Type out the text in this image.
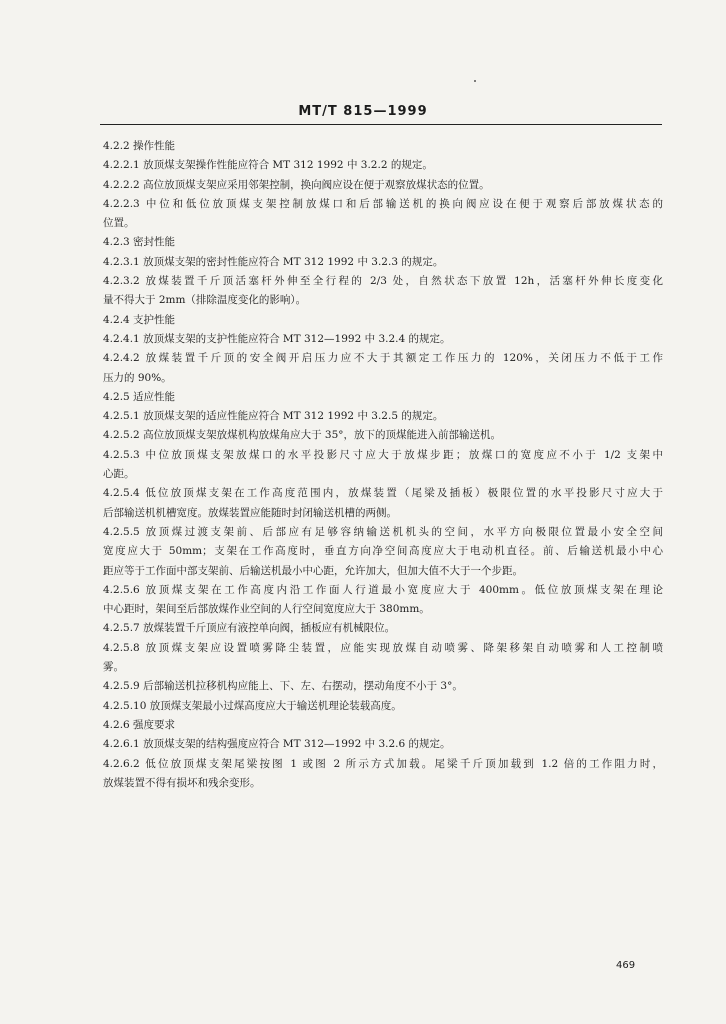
MT/T 815—1999
4.2.2 操作性能
4.2.2.1 放顶煤支架操作性能应符合 MT 312 1992 中 3.2.2 的规定。
4.2.2.2 高位放顶煤支架应采用邻架控制，换向阀应设在便于观察放煤状态的位置。
4.2.2.3 中位和低位放顶煤支架控制放煤口和后部输送机的换向阀应设在便于观察后部放煤状态的
位置。
4.2.3 密封性能
4.2.3.1 放顶煤支架的密封性能应符合 MT 312 1992 中 3.2.3 的规定。
4.2.3.2 放煤装置千斤顶活塞杆外伸至全行程的 2/3 处，自然状态下放置 12h，活塞杆外伸长度变化
量不得大于 2mm（排除温度变化的影响）。
4.2.4 支护性能
4.2.4.1 放顶煤支架的支护性能应符合 MT 312—1992 中 3.2.4 的规定。
4.2.4.2 放煤装置千斤顶的安全阀开启压力应不大于其额定工作压力的 120%，关闭压力不低于工作
压力的 90%。
4.2.5 适应性能
4.2.5.1 放顶煤支架的适应性能应符合 MT 312 1992 中 3.2.5 的规定。
4.2.5.2 高位放顶煤支架放煤机构放煤角应大于 35°，放下的顶煤能进入前部输送机。
4.2.5.3 中位放顶煤支架放煤口的水平投影尺寸应大于放煤步距；放煤口的宽度应不小于 1/2 支架中
心距。
4.2.5.4 低位放顶煤支架在工作高度范围内，放煤装置（尾梁及插板）极限位置的水平投影尺寸应大于
后部输送机机槽宽度。放煤装置应能随时封闭输送机槽的两侧。
4.2.5.5 放顶煤过渡支架前、后部应有足够容纳输送机机头的空间，水平方向极限位置最小安全空间
宽度应大于 50mm；支架在工作高度时，垂直方向净空间高度应大于电动机直径。前、后输送机最小中心
距应等于工作面中部支架前、后输送机最小中心距，允许加大，但加大值不大于一个步距。
4.2.5.6 放顶煤支架在工作高度内沿工作面人行道最小宽度应大于 400mm。低位放顶煤支架在理论
中心距时，架间至后部放煤作业空间的人行空间宽度应大于 380mm。
4.2.5.7 放煤装置千斤顶应有液控单向阀，插板应有机械限位。
4.2.5.8 放顶煤支架应设置喷雾降尘装置，应能实现放煤自动喷雾、降架移架自动喷雾和人工控制喷
雾。
4.2.5.9 后部输送机拉移机构应能上、下、左、右摆动，摆动角度不小于 3°。
4.2.5.10 放顶煤支架最小过煤高度应大于输送机理论装载高度。
4.2.6 强度要求
4.2.6.1 放顶煤支架的结构强度应符合 MT 312—1992 中 3.2.6 的规定。
4.2.6.2 低位放顶煤支架尾梁按图 1 或图 2 所示方式加载。尾梁千斤顶加载到 1.2 倍的工作阻力时，
放煤装置不得有损坏和残余变形。
469
